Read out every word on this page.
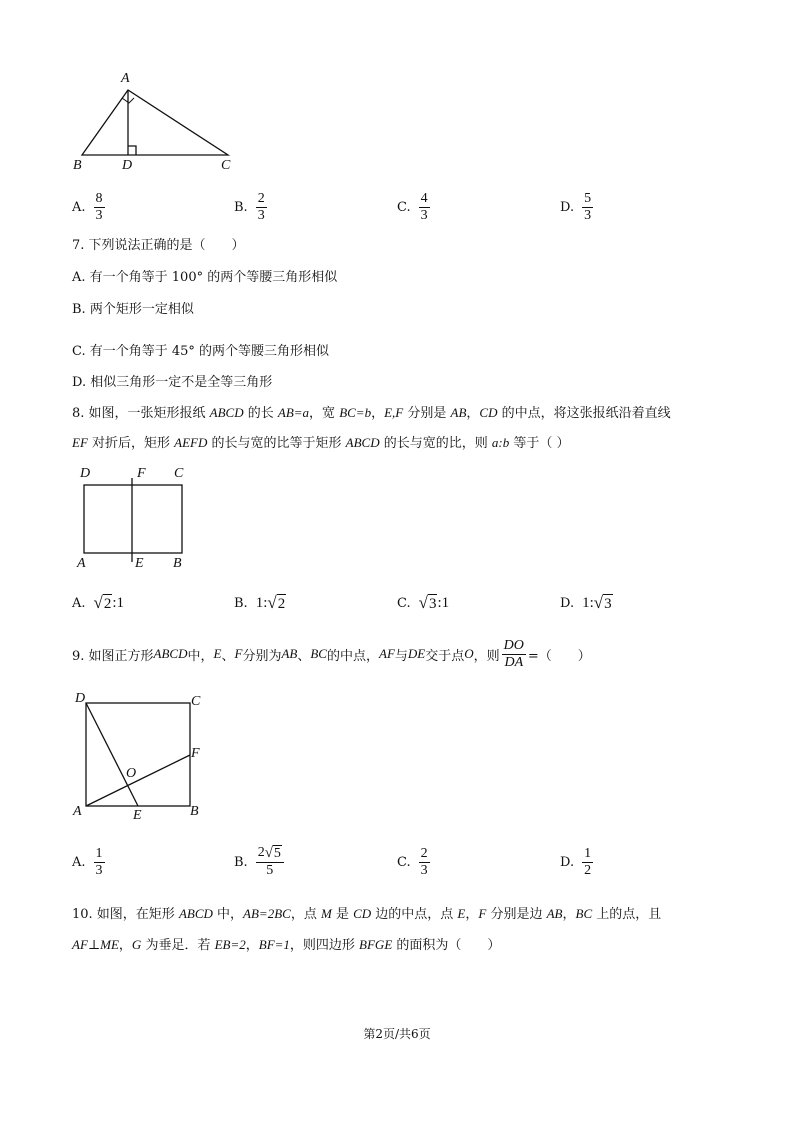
A
B	D	C
A. $\frac{8}{3}$	B. $\frac{2}{3}$	C. $\frac{4}{3}$	D. $\frac{5}{3}$
7. 下列说法正确的是（　　）
A. 有一个角等于 100° 的两个等腰三角形相似
B. 两个矩形一定相似
C. 有一个角等于 45° 的两个等腰三角形相似
D. 相似三角形一定不是全等三角形
8. 如图，一张矩形报纸 ABCD 的长 AB=a，宽 BC=b，E,F 分别是 AB，CD 的中点，将这张报纸沿着直线
EF 对折后，矩形 AEFD 的长与宽的比等于矩形 ABCD 的长与宽的比，则 a:b 等于（ ）
D	F C
A	E B
A. √ 2 :1	B. 1: √ 2	C. √ 3 :1	D. 1: √ 3
9. 如图正方形 ABCD 中， E 、 F 分别为 AB 、 BC 的中点， AF 与 DE 交于点 O ，则 $\frac{DO}{DA}$ =（　　）
D	C
F
O
A	E	B
A. $\frac{1}{3}$	B. $\frac{2 √ 5}{5}$	C. $\frac{2}{3}$	D. $\frac{1}{2}$
10. 如图，在矩形 ABCD 中，AB=2BC，点 M 是 CD 边的中点，点 E，F 分别是边 AB，BC 上的点，且
AF⊥ME，G 为垂足．若 EB=2，BF=1，则四边形 BFGE 的面积为（　　）
第2页/共6页
